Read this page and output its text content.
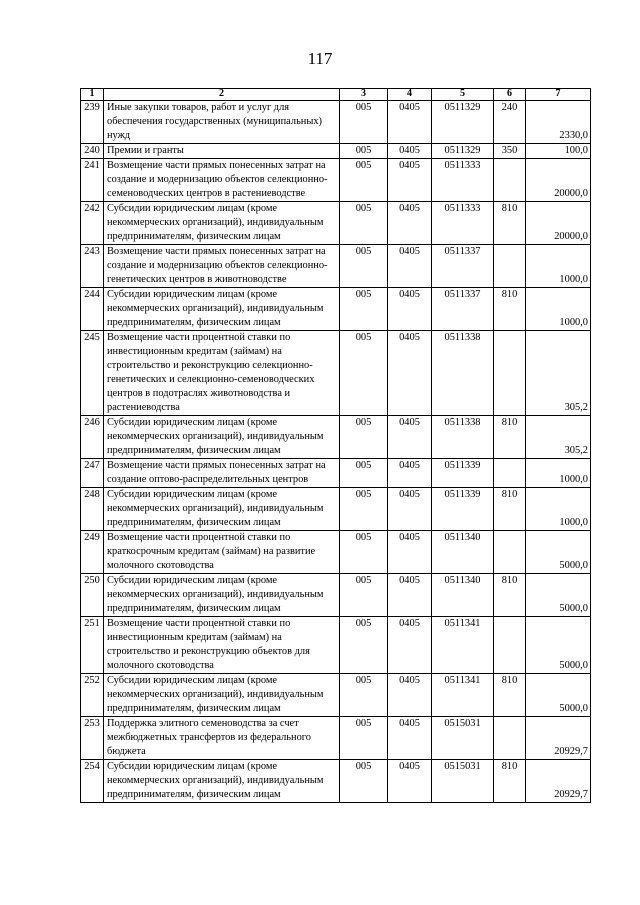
117
1	2	3	4	5	6	7
239	Иные закупки товаров, работ и услуг для обеспечения государственных (муниципальных) нужд	005	0405	0511329	240	2330,0
240	Премии и гранты	005	0405	0511329	350	100,0
241	Возмещение части прямых понесенных затрат на создание и модернизацию объектов селекционно-семеноводческих центров в растениеводстве	005	0405	0511333		20000,0
242	Субсидии юридическим лицам (кроме некоммерческих организаций), индивидуальным предпринимателям, физическим лицам	005	0405	0511333	810	20000,0
243	Возмещение части прямых понесенных затрат на создание и модернизацию объектов селекционно-генетических центров в животноводстве	005	0405	0511337		1000,0
244	Субсидии юридическим лицам (кроме некоммерческих организаций), индивидуальным предпринимателям, физическим лицам	005	0405	0511337	810	1000,0
245	Возмещение части процентной ставки по инвестиционным кредитам (займам) на строительство и реконструкцию селекционно-генетических и селекционно-семеноводческих центров в подотраслях животноводства и растениеводства	005	0405	0511338		305,2
246	Субсидии юридическим лицам (кроме некоммерческих организаций), индивидуальным предпринимателям, физическим лицам	005	0405	0511338	810	305,2
247	Возмещение части прямых понесенных затрат на создание оптово-распределительных центров	005	0405	0511339		1000,0
248	Субсидии юридическим лицам (кроме некоммерческих организаций), индивидуальным предпринимателям, физическим лицам	005	0405	0511339	810	1000,0
249	Возмещение части процентной ставки по краткосрочным кредитам (займам) на развитие молочного скотоводства	005	0405	0511340		5000,0
250	Субсидии юридическим лицам (кроме некоммерческих организаций), индивидуальным предпринимателям, физическим лицам	005	0405	0511340	810	5000,0
251	Возмещение части процентной ставки по инвестиционным кредитам (займам) на строительство и реконструкцию объектов для молочного скотоводства	005	0405	0511341		5000,0
252	Субсидии юридическим лицам (кроме некоммерческих организаций), индивидуальным предпринимателям, физическим лицам	005	0405	0511341	810	5000,0
253	Поддержка элитного семеноводства за счет межбюджетных трансфертов из федерального бюджета	005	0405	0515031		20929,7
254	Субсидии юридическим лицам (кроме некоммерческих организаций), индивидуальным предпринимателям, физическим лицам	005	0405	0515031	810	20929,7
